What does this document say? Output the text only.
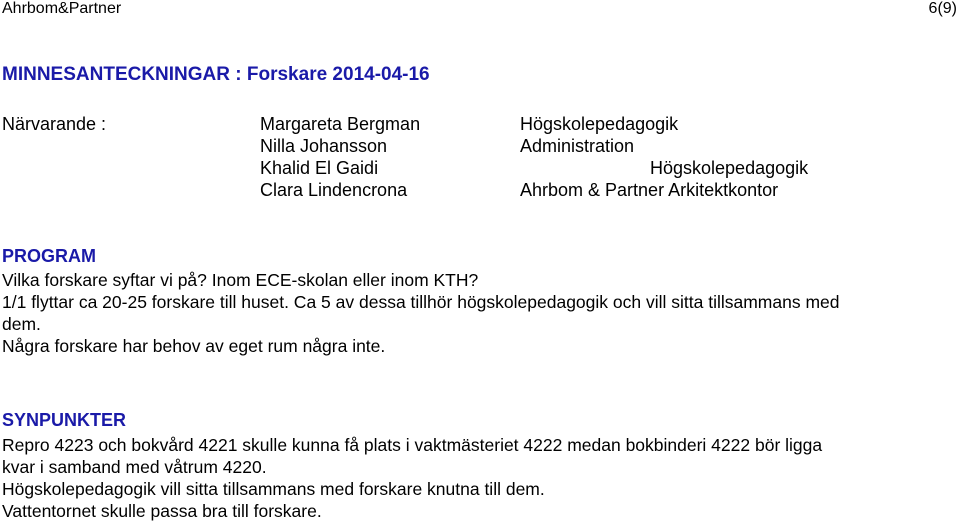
Ahrbom&Partner	6(9)
MINNESANTECKNINGAR : Forskare 2014-04-16
Närvarande :	Margareta Bergman
Nilla Johansson
Khalid El Gaidi
Clara Lindencrona
Högskolepedagogik
Administration
Högskolepedagogik
Ahrbom & Partner Arkitektkontor
PROGRAM
Vilka forskare syftar vi på? Inom ECE-skolan eller inom KTH?
1/1 flyttar ca 20-25 forskare till huset. Ca 5 av dessa tillhör högskolepedagogik och vill sitta tillsammans med
dem.
Några forskare har behov av eget rum några inte.
SYNPUNKTER
Repro 4223 och bokvård 4221 skulle kunna få plats i vaktmästeriet 4222 medan bokbinderi 4222 bör ligga
kvar i samband med våtrum 4220.
Högskolepedagogik vill sitta tillsammans med forskare knutna till dem.
Vattentornet skulle passa bra till forskare.
